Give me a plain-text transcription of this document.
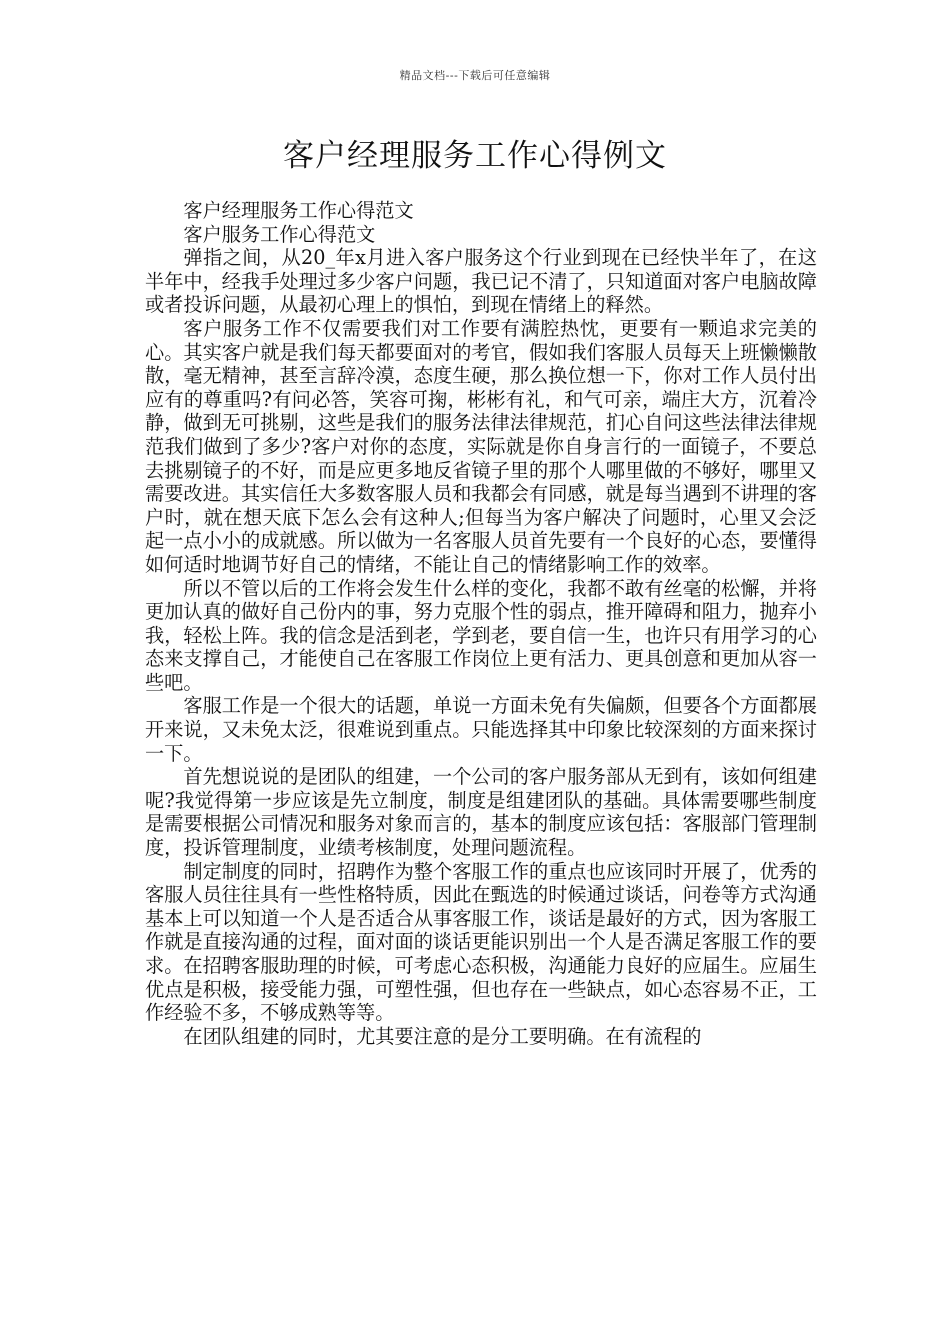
精品文档---下载后可任意编辑
客户经理服务工作心得例文

客户经理服务工作心得范文

客户服务工作心得范文

弹指之间，从20_年x月进入客户服务这个行业到现在已经快半年了，在这半年中，经我手处理过多少客户问题，我已记不清了，只知道面对客户电脑故障或者投诉问题，从最初心理上的惧怕，到现在情绪上的释然。

客户服务工作不仅需要我们对工作要有满腔热忱，更要有一颗追求完美的心。其实客户就是我们每天都要面对的考官，假如我们客服人员每天上班懒懒散散，毫无精神，甚至言辞冷漠，态度生硬，那么换位想一下，你对工作人员付出应有的尊重吗?有问必答，笑容可掬，彬彬有礼，和气可亲，端庄大方，沉着冷静，做到无可挑剔，这些是我们的服务法律法律规范，扪心自问这些法律法律规范我们做到了多少?客户对你的态度，实际就是你自身言行的一面镜子，不要总去挑剔镜子的不好，而是应更多地反省镜子里的那个人哪里做的不够好，哪里又需要改进。其实信任大多数客服人员和我都会有同感，就是每当遇到不讲理的客户时，就在想天底下怎么会有这种人;但每当为客户解决了问题时，心里又会泛起一点小小的成就感。所以做为一名客服人员首先要有一个良好的心态，要懂得如何适时地调节好自己的情绪，不能让自己的情绪影响工作的效率。

所以不管以后的工作将会发生什么样的变化，我都不敢有丝毫的松懈，并将更加认真的做好自己份内的事，努力克服个性的弱点，推开障碍和阻力，抛弃小我，轻松上阵。我的信念是活到老，学到老，要自信一生，也许只有用学习的心态来支撑自己，才能使自己在客服工作岗位上更有活力、更具创意和更加从容一些吧。

客服工作是一个很大的话题，单说一方面未免有失偏颇，但要各个方面都展开来说，又未免太泛，很难说到重点。只能选择其中印象比较深刻的方面来探讨一下。

首先想说说的是团队的组建，一个公司的客户服务部从无到有，该如何组建呢?我觉得第一步应该是先立制度，制度是组建团队的基础。具体需要哪些制度是需要根据公司情况和服务对象而言的，基本的制度应该包括：客服部门管理制度，投诉管理制度，业绩考核制度，处理问题流程。

制定制度的同时，招聘作为整个客服工作的重点也应该同时开展了，优秀的客服人员往往具有一些性格特质，因此在甄选的时候通过谈话，问卷等方式沟通基本上可以知道一个人是否适合从事客服工作，谈话是最好的方式，因为客服工作就是直接沟通的过程，面对面的谈话更能识别出一个人是否满足客服工作的要求。在招聘客服助理的时候，可考虑心态积极，沟通能力良好的应届生。应届生优点是积极，接受能力强，可塑性强，但也存在一些缺点，如心态容易不正，工作经验不多，不够成熟等等。

在团队组建的同时，尤其要注意的是分工要明确。在有流程的
